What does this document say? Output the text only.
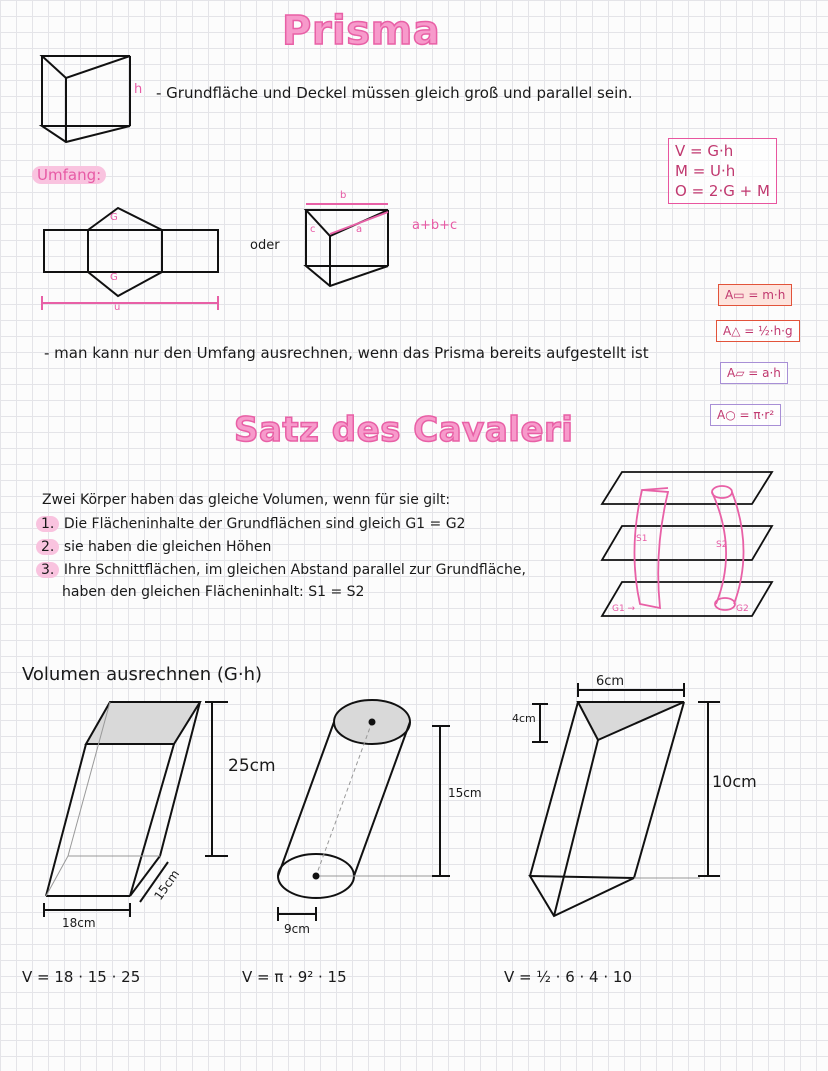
Prisma
h - Grundfläche und Deckel müssen gleich groß und parallel sein.
V = G·h
M = U·h
O = 2·G + M
Umfang:
G
G
u
oder
b
c	a	a+b+c
- man kann nur den Umfang ausrechnen, wenn das Prisma bereits aufgestellt ist
A▭ = m·h
A△ = ½·h·g
A▱ = a·h
A○ = π·r²
Satz des Cavaleri
Zwei Körper haben das gleiche Volumen, wenn für sie gilt:
1. Die Flächeninhalte der Grundflächen sind gleich G1 = G2
2. sie haben die gleichen Höhen
3. Ihre Schnittflächen, im gleichen Abstand parallel zur Grundfläche,
haben den gleichen Flächeninhalt: S1 = S2
S1
S2
G1 →	G2
Volumen ausrechnen (G·h)
25cm
15cm
18cm
V = 18 · 15 · 25
15cm
9cm
V = π · 9² · 15
6cm
4cm
10cm
V = ½ · 6 · 4 · 10
